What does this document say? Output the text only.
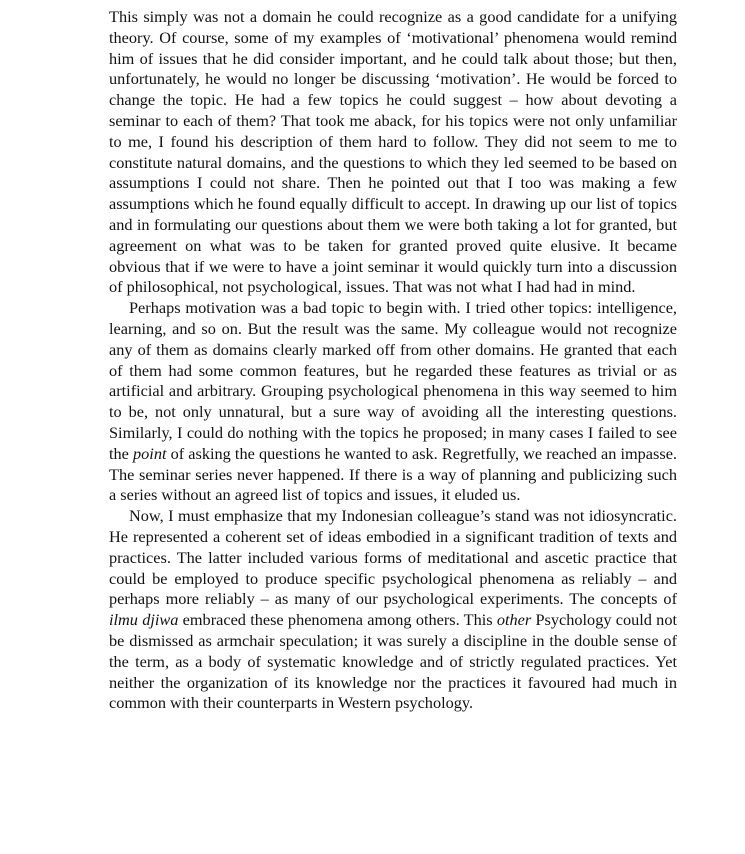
This simply was not a domain he could recognize as a good candidate for a unifying theory. Of course, some of my examples of ‘motivational’ phenomena would remind him of issues that he did consider important, and he could talk about those; but then, unfortunately, he would no longer be discussing ‘motivation’. He would be forced to change the topic. He had a few topics he could suggest – how about devoting a seminar to each of them? That took me aback, for his topics were not only unfamiliar to me, I found his description of them hard to follow. They did not seem to me to constitute natural domains, and the questions to which they led seemed to be based on assumptions I could not share. Then he pointed out that I too was making a few assumptions which he found equally difficult to accept. In drawing up our list of topics and in formulating our questions about them we were both taking a lot for granted, but agreement on what was to be taken for granted proved quite elusive. It became obvious that if we were to have a joint seminar it would quickly turn into a discussion of philosophical, not psychological, issues. That was not what I had had in mind.

Perhaps motivation was a bad topic to begin with. I tried other topics: intelligence, learning, and so on. But the result was the same. My colleague would not recognize any of them as domains clearly marked off from other domains. He granted that each of them had some common features, but he regarded these features as trivial or as artificial and arbitrary. Grouping psychological phenomena in this way seemed to him to be, not only unnatural, but a sure way of avoiding all the interesting questions. Similarly, I could do nothing with the topics he proposed; in many cases I failed to see the point of asking the questions he wanted to ask. Regretfully, we reached an impasse. The seminar series never happened. If there is a way of planning and publicizing such a series without an agreed list of topics and issues, it eluded us.

Now, I must emphasize that my Indonesian colleague’s stand was not idiosyncratic. He represented a coherent set of ideas embodied in a significant tradition of texts and practices. The latter included various forms of meditational and ascetic practice that could be employed to produce specific psychological phenomena as reliably – and perhaps more reliably – as many of our psychological experiments. The concepts of ilmu djiwa embraced these phenomena among others. This other Psychology could not be dismissed as armchair speculation; it was surely a discipline in the double sense of the term, as a body of systematic knowledge and of strictly regulated practices. Yet neither the organization of its knowledge nor the practices it favoured had much in common with their counterparts in Western psychology.
